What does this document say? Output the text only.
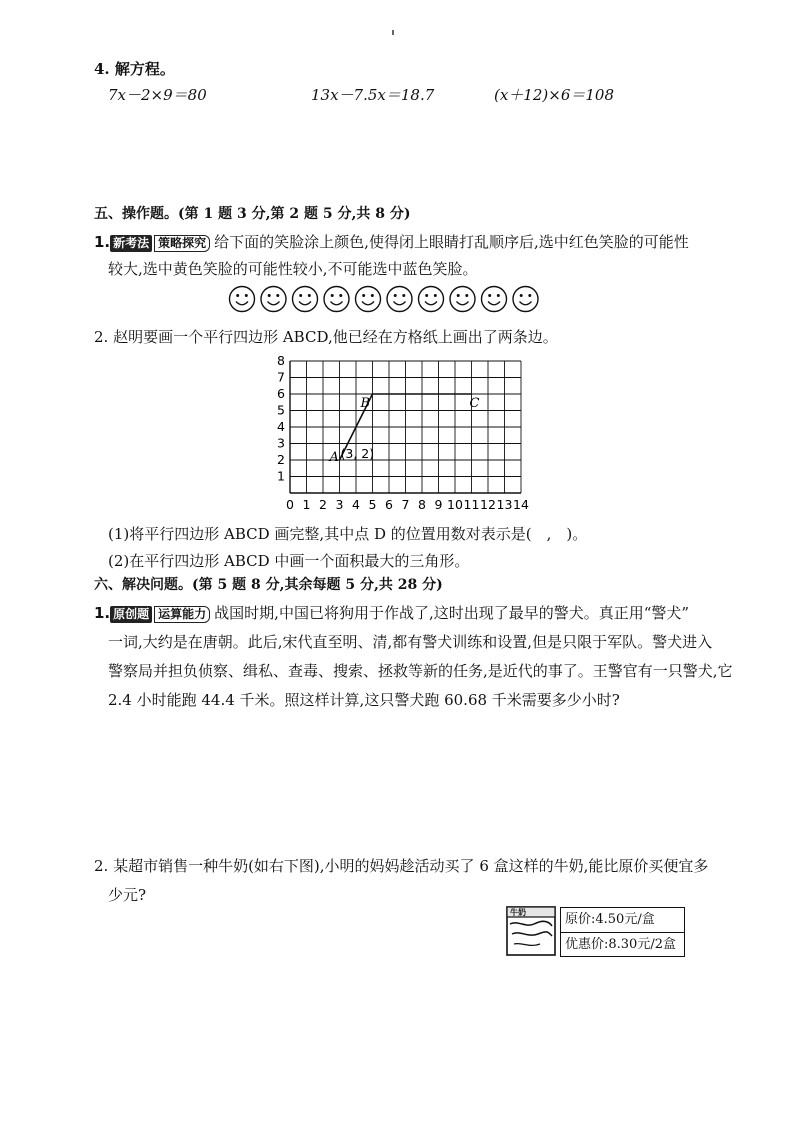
4. 解方程。
7x－2×9＝80	13x－7.5x＝18.7	(x＋12)×6＝108
五、操作题。(第 1 题 3 分,第 2 题 5 分,共 8 分)
1. 新考法 策略探究 给下面的笑脸涂上颜色,使得闭上眼睛打乱顺序后,选中红色笑脸的可能性
较大,选中黄色笑脸的可能性较小,不可能选中蓝色笑脸。
2. 赵明要画一个平行四边形 ABCD,他已经在方格纸上画出了两条边。
0 1 2 3 4 5 6 7 8 9 10 11 12 13 14
1
2
3
4
5
6
7
8
A (3, 2)
B	C
(1)将平行四边形 ABCD 画完整,其中点 D 的位置用数对表示是(　,　)。
(2)在平行四边形 ABCD 中画一个面积最大的三角形。
六、解决问题。(第 5 题 8 分,其余每题 5 分,共 28 分)
1. 原创题 运算能力 战国时期,中国已将狗用于作战了,这时出现了最早的警犬。真正用“警犬”
一词,大约是在唐朝。此后,宋代直至明、清,都有警犬训练和设置,但是只限于军队。警犬进入
警察局并担负侦察、缉私、查毒、搜索、拯救等新的任务,是近代的事了。王警官有一只警犬,它
2.4 小时能跑 44.4 千米。照这样计算,这只警犬跑 60.68 千米需要多少小时?
2. 某超市销售一种牛奶(如右下图),小明的妈妈趁活动买了 6 盒这样的牛奶,能比原价买便宜多
少元?
牛奶	原价:4.50元/盒
优惠价:8.30元/2盒
